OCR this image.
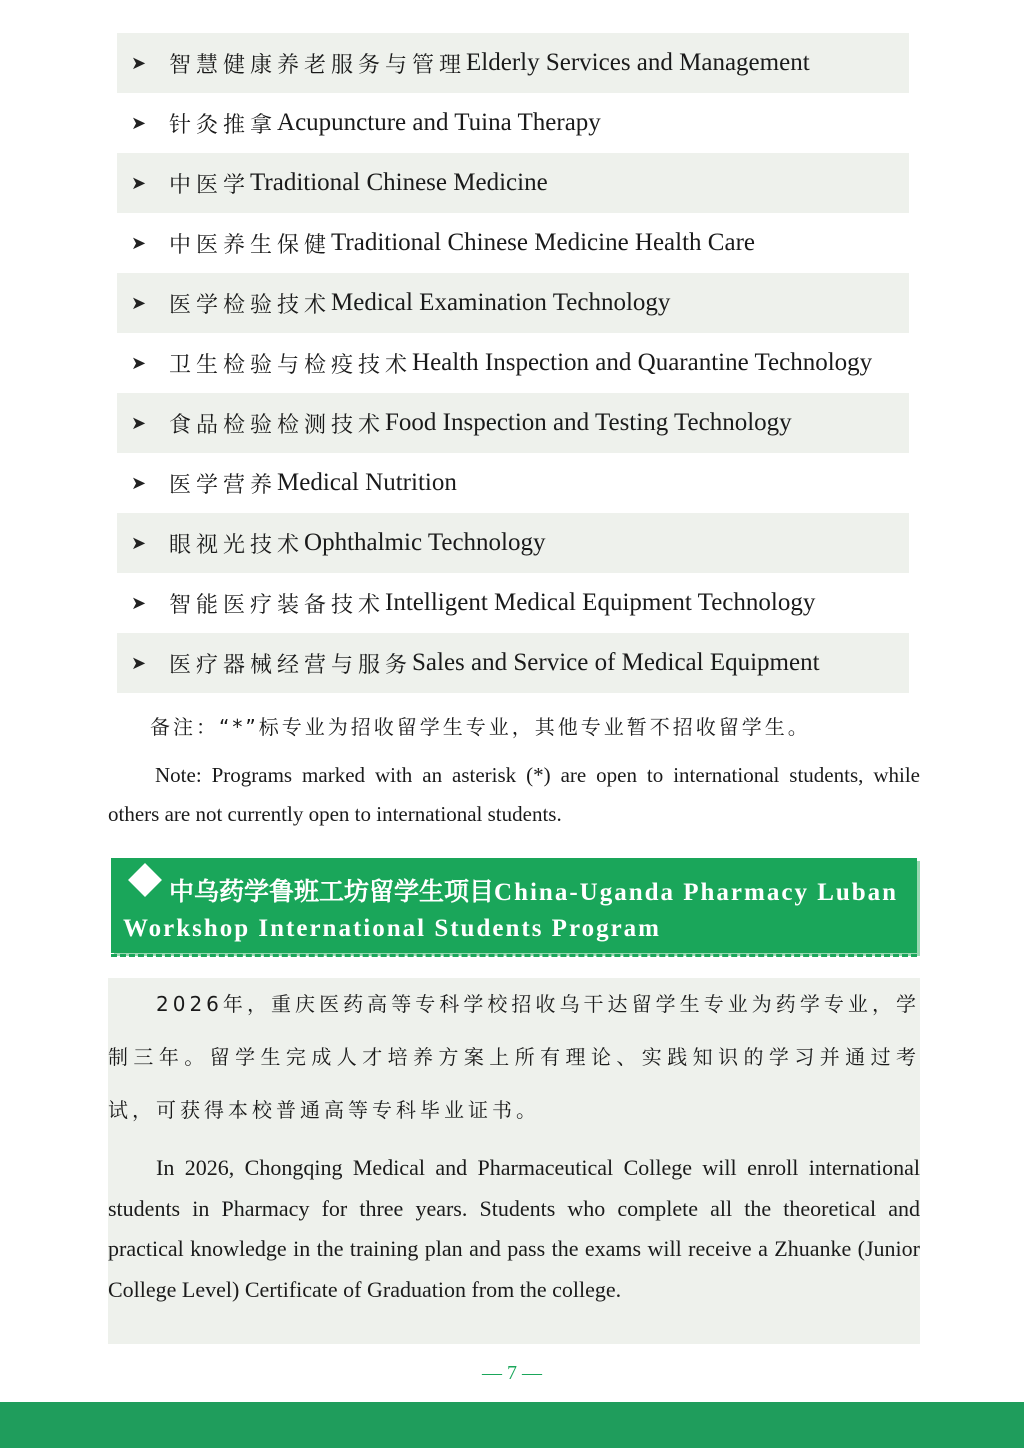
➤ 智慧健康养老服务与管理 Elderly Services and Management
➤ 针灸推拿 Acupuncture and Tuina Therapy
➤ 中医学 Traditional Chinese Medicine
➤ 中医养生保健 Traditional Chinese Medicine Health Care
➤ 医学检验技术 Medical Examination Technology
➤ 卫生检验与检疫技术 Health Inspection and Quarantine Technology
➤ 食品检验检测技术 Food Inspection and Testing Technology
➤ 医学营养 Medical Nutrition
➤ 眼视光技术 Ophthalmic Technology
➤ 智能医疗装备技术 Intelligent Medical Equipment Technology
➤ 医疗器械经营与服务 Sales and Service of Medical Equipment
备注：“*”标专业为招收留学生专业，其他专业暂不招收留学生。

Note: Programs marked with an asterisk (*) are open to international students, while others are not currently open to international students.

中乌药学鲁班工坊留学生项目China-Uganda Pharmacy Luban Workshop International Students Program

2026年，重庆医药高等专科学校招收乌干达留学生专业为药学专业，学制三年。留学生完成人才培养方案上所有理论、实践知识的学习并通过考试，可获得本校普通高等专科毕业证书。

In 2026, Chongqing Medical and Pharmaceutical College will enroll international students in Pharmacy for three years. Students who complete all the theoretical and practical knowledge in the training plan and pass the exams will receive a Zhuanke (Junior College Level) Certificate of Graduation from the college.

— 7 —
